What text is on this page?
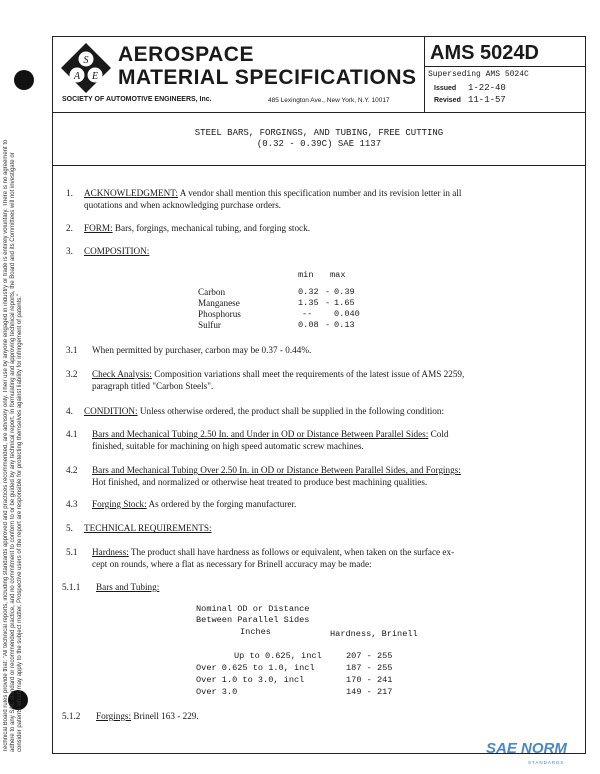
Technical Board rules provide that: "All technical reports, including standards approved and practices recommended, are advisory only. Their use by anyone engaged in industry or trade is entirely voluntary. There is no agreement to adhere to any SAE standard or recommended practice, and no commitment to conform to or be guided by any technical report. In formulating and approving technical reports, the Board and its Committees will not investigate or consider patents which may apply to the subject matter. Prospective users of the report are responsible for protecting themselves against liability for infringement of patents."
S
A E
AEROSPACE
MATERIAL SPECIFICATIONS
SOCIETY OF AUTOMOTIVE ENGINEERS, Inc.	485 Lexington Ave., New York, N.Y. 10017
AMS 5024D
Superseding AMS 5024C
Issued 1-22-40
Revised 11-1-57
STEEL BARS, FORGINGS, AND TUBING, FREE CUTTING
(0.32 - 0.39C) SAE 1137
1. ACKNOWLEDGMENT: A vendor shall mention this specification number and its revision letter in all
quotations and when acknowledging purchase orders.
2. FORM: Bars, forgings, mechanical tubing, and forging stock.
3. COMPOSITION:
min max
Carbon	0.32 - 0.39
Manganese	1.35 - 1.65
Phosphorus	--	0.040
Sulfur	0.08 - 0.13
3.1 When permitted by purchaser, carbon may be 0.37 - 0.44%.
3.2 Check Analysis: Composition variations shall meet the requirements of the latest issue of AMS 2259,
paragraph titled "Carbon Steels".
4. CONDITION: Unless otherwise ordered, the product shall be supplied in the following condition:
4.1 Bars and Mechanical Tubing 2.50 In. and Under in OD or Distance Between Parallel Sides: Cold
finished, suitable for machining on high speed automatic screw machines.
4.2 Bars and Mechanical Tubing Over 2.50 In. in OD or Distance Between Parallel Sides, and Forgings:
Hot finished, and normalized or otherwise heat treated to produce best machining qualities.
4.3 Forging Stock: As ordered by the forging manufacturer.
5. TECHNICAL REQUIREMENTS:
5.1 Hardness: The product shall have hardness as follows or equivalent, when taken on the surface ex-
cept on rounds, where a flat as necessary for Brinell accuracy may be made:
5.1.1 Bars and Tubing:
Nominal OD or Distance
Between Parallel Sides
Inches	Hardness, Brinell
Up to 0.625, incl	207 - 255
Over 0.625 to 1.0, incl	187 - 255
Over 1.0 to 3.0, incl	170 - 241
Over 3.0	149 - 217
5.1.2 Forgings: Brinell 163 - 229.
SAE NORM
STANDARDS
